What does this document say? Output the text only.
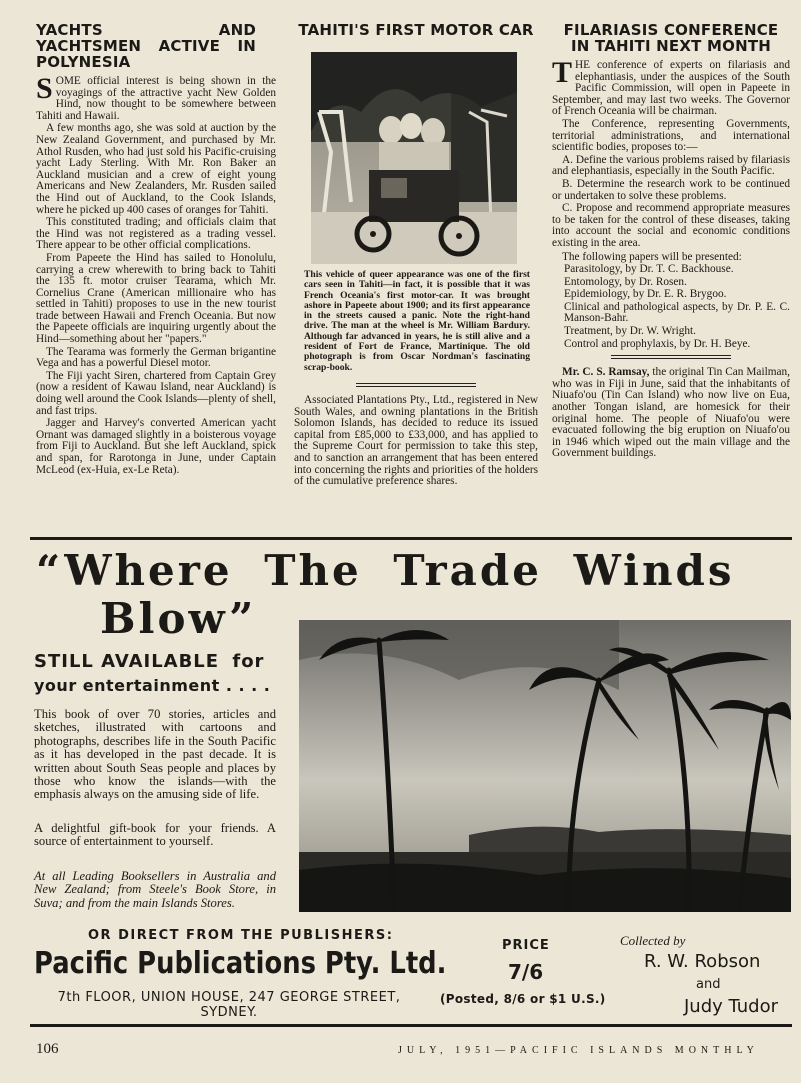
YACHTS AND YACHTSMEN ACTIVE IN POLYNESIA

SOME official interest is being shown in the voyagings of the attractive yacht New Golden Hind, now thought to be somewhere between Tahiti and Hawaii.

A few months ago, she was sold at auction by the New Zealand Government, and purchased by Mr. Athol Rusden, who had just sold his Pacific-cruising yacht Lady Sterling. With Mr. Ron Baker an Auckland musician and a crew of eight young Americans and New Zealanders, Mr. Rusden sailed the Hind out of Auckland, to the Cook Islands, where he picked up 400 cases of oranges for Tahiti.

This constituted trading; and officials claim that the Hind was not registered as a trading vessel. There appear to be other official complications.

From Papeete the Hind has sailed to Honolulu, carrying a crew wherewith to bring back to Tahiti the 135 ft. motor cruiser Tearama, which Mr. Cornelius Crane (American millionaire who has settled in Tahiti) proposes to use in the new tourist trade between Hawaii and French Oceania. But now the Papeete officials are inquiring urgently about the Hind—something about her "papers."

The Tearama was formerly the German brigantine Vega and has a powerful Diesel motor.

The Fiji yacht Siren, chartered from Captain Grey (now a resident of Kawau Island, near Auckland) is doing well around the Cook Islands—plenty of shell, and fast trips.

Jagger and Harvey's converted American yacht Ornant was damaged slightly in a boisterous voyage from Fiji to Auckland. But she left Auckland, spick and span, for Rarotonga in June, under Captain McLeod (ex-Huia, ex-Le Reta).

TAHITI'S FIRST MOTOR CAR
This vehicle of queer appearance was one of the first cars seen in Tahiti—in fact, it is possible that it was French Oceania's first motor-car. It was brought ashore in Papeete about 1900; and its first appearance in the streets caused a panic. Note the right-hand drive. The man at the wheel is Mr. William Bardury. Although far advanced in years, he is still alive and a resident of Fort de France, Martinique. The old photograph is from Oscar Nordman's fascinating scrap-book.

Associated Plantations Pty., Ltd., registered in New South Wales, and owning plantations in the British Solomon Islands, has decided to reduce its issued capital from £85,000 to £33,000, and has applied to the Supreme Court for permission to take this step, and to sanction an arrangement that has been entered into concerning the rights and priorities of the holders of the cumulative preference shares.

FILARIASIS CONFERENCE IN TAHITI NEXT MONTH

THE conference of experts on filariasis and elephantiasis, under the auspices of the South Pacific Commission, will open in Papeete in September, and may last two weeks. The Governor of French Oceania will be chairman.

The Conference, representing Governments, territorial administrations, and international scientific bodies, proposes to:—

A. Define the various problems raised by filariasis and elephantiasis, especially in the South Pacific.

B. Determine the research work to be continued or undertaken to solve these problems.

C. Propose and recommend appropriate measures to be taken for the control of these diseases, taking into account the social and economic conditions existing in the area.

The following papers will be presented:

Parasitology, by Dr. T. C. Backhouse.

Entomology, by Dr. Rosen.

Epidemiology, by Dr. E. R. Brygoo.

Clinical and pathological aspects, by Dr. P. E. C. Manson-Bahr.

Treatment, by Dr. W. Wright.

Control and prophylaxis, by Dr. H. Beye.

Mr. C. S. Ramsay, the original Tin Can Mailman, who was in Fiji in June, said that the inhabitants of Niuafo'ou (Tin Can Island) who now live on Eua, another Tongan island, are homesick for their original home. The people of Niuafo'ou were evacuated following the big eruption on Niuafo'ou in 1946 which wiped out the main village and the Government buildings.

“Where The Trade Winds
Blow”
STILL AVAILABLE for
your entertainment . . . .
This book of over 70 stories, articles and sketches, illustrated with cartoons and photographs, describes life in the South Pacific as it has developed in the past decade. It is written about South Seas people and places by those who know the islands—with the emphasis always on the amusing side of life.
A delightful gift-book for your friends. A source of entertainment to yourself.
At all Leading Booksellers in Australia and New Zealand; from Steele's Book Store, in Suva; and from the main Islands Stores.
OR DIRECT FROM THE PUBLISHERS:
Pacific Publications Pty. Ltd.
7th FLOOR, UNION HOUSE, 247 GEORGE STREET, SYDNEY.
PRICE
7/6
(Posted, 8/6 or $1 U.S.)
Collected by
R. W. Robson
and
Judy Tudor
106	JULY, 1951—PACIFIC ISLANDS MONTHLY
